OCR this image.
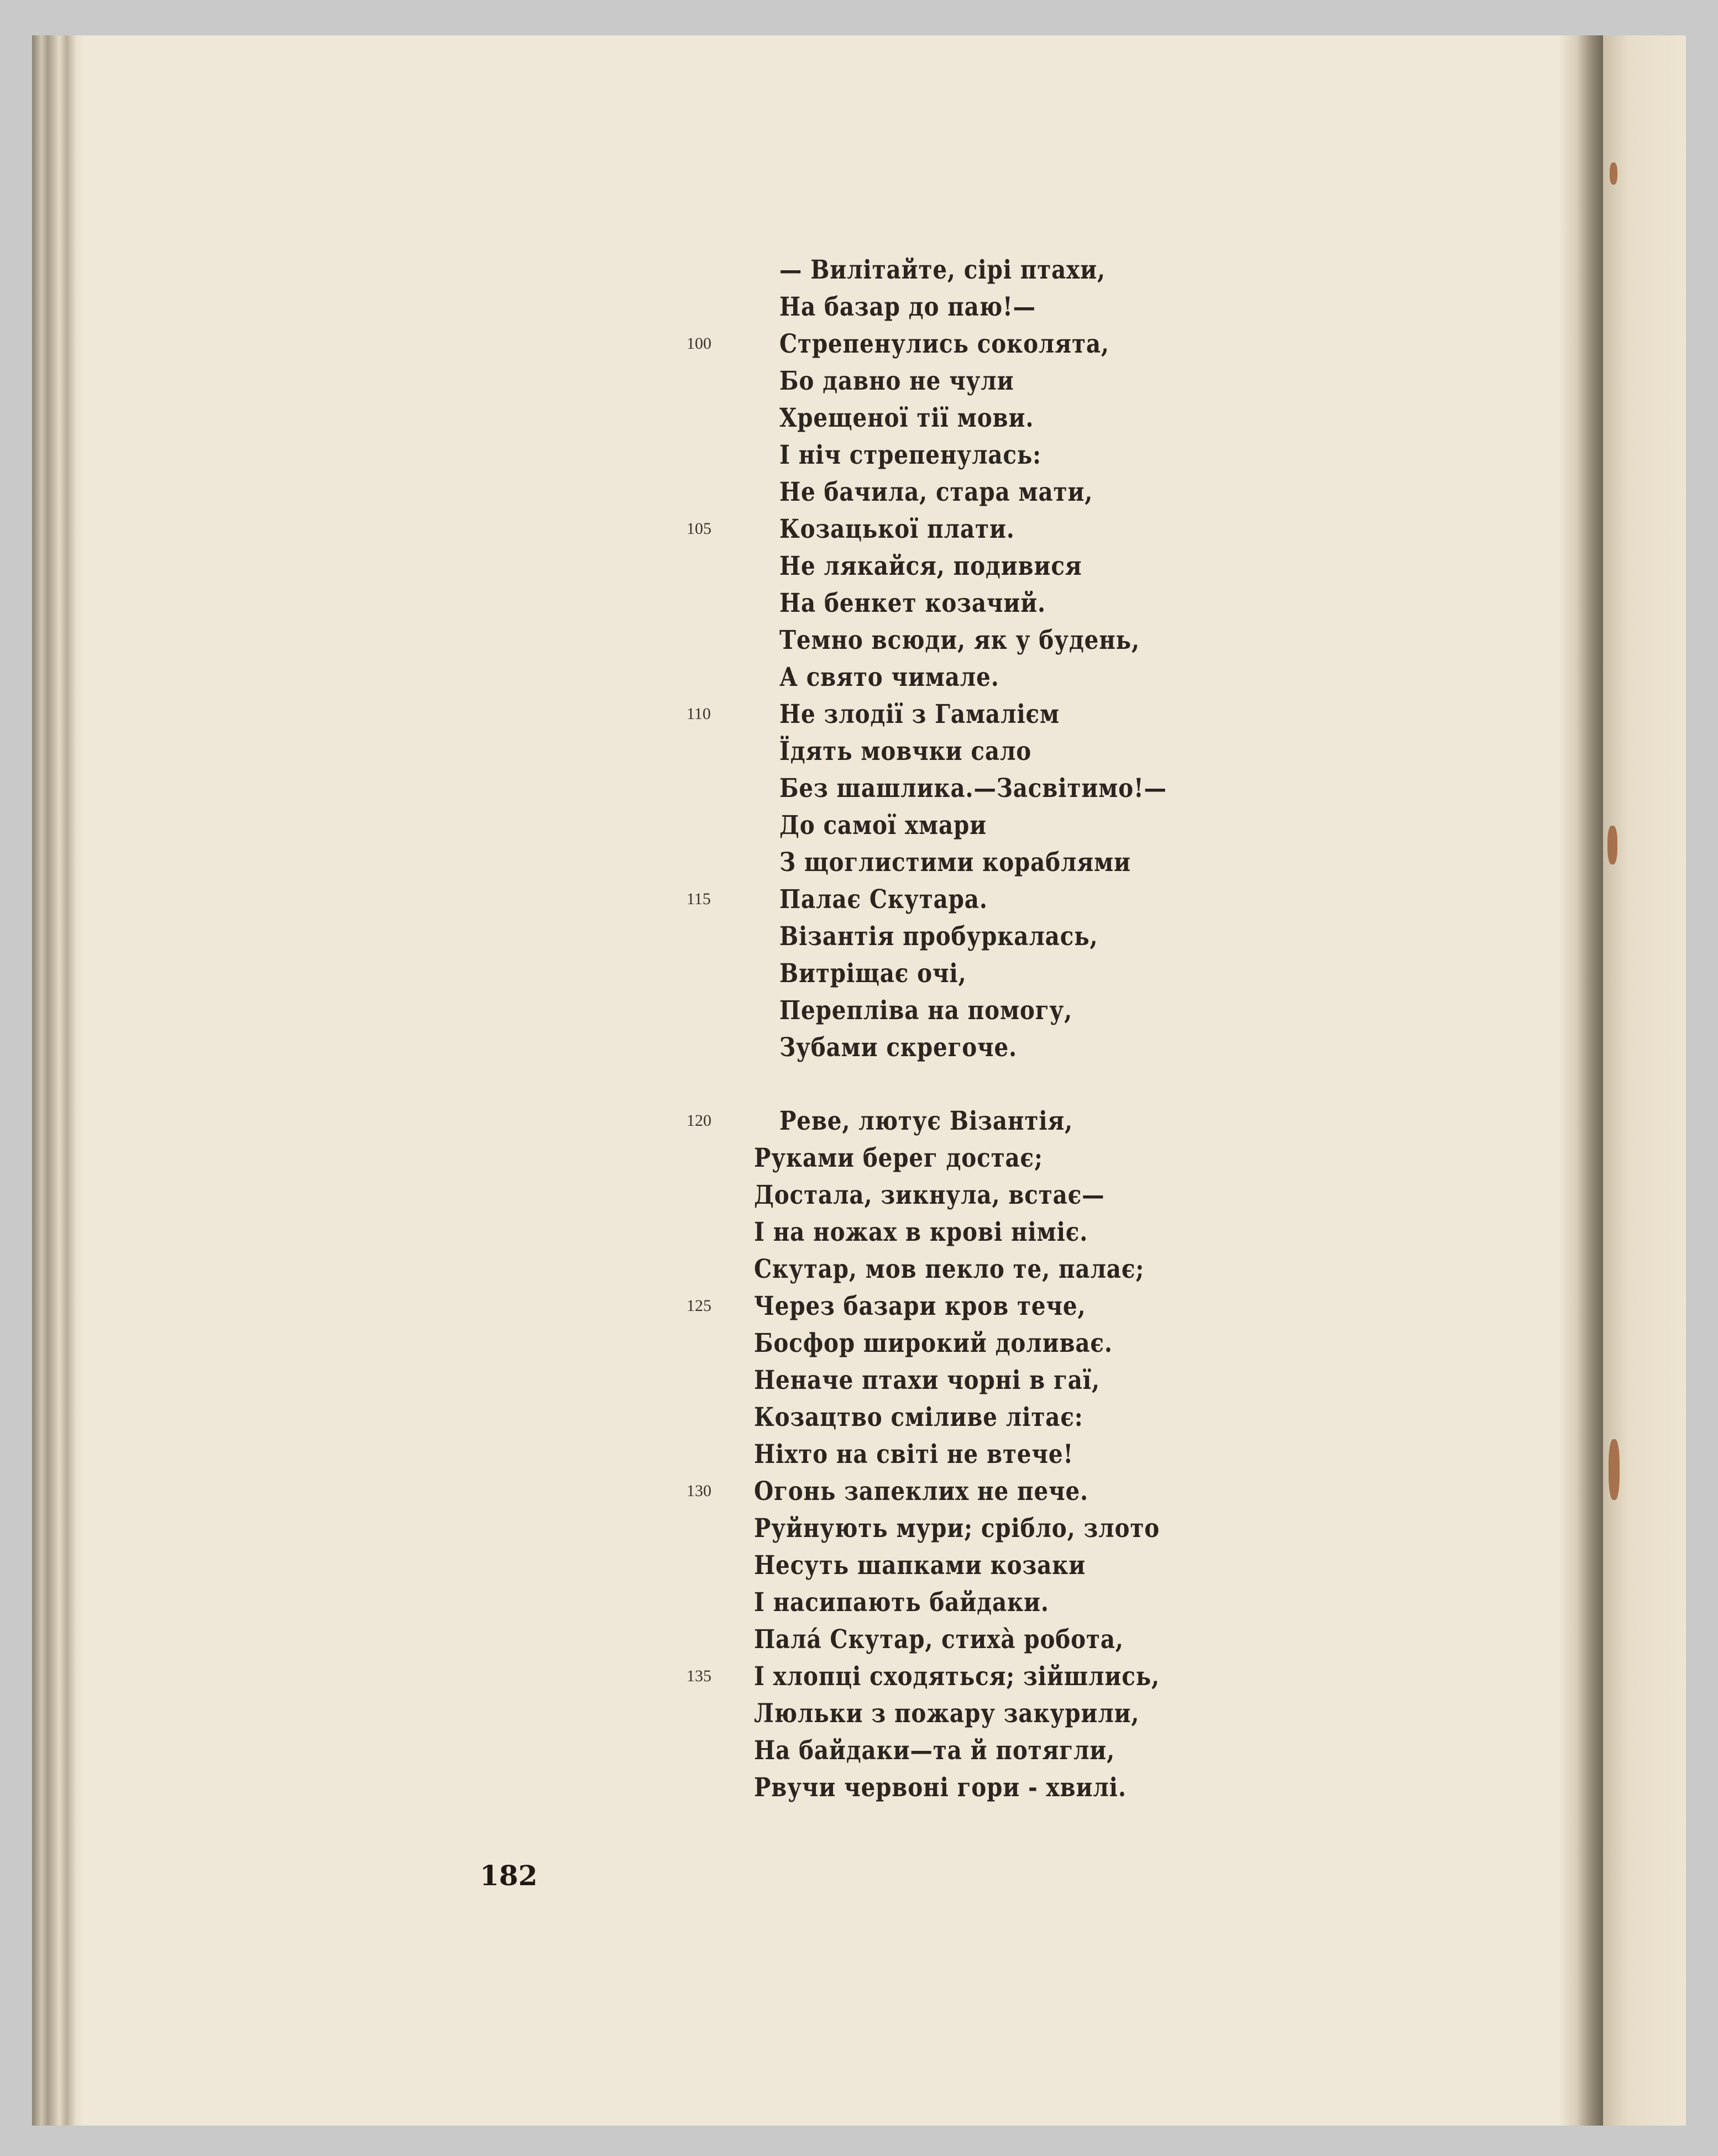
— Вилітайте, сірі птахи,
На базар до паю!—
Стрепенулись соколята,
Бо давно не чули
Хрещеної тії мови.
І ніч стрепенулась:
Не бачила, стара мати,
Козацької плати.
Не лякайся, подивися
На бенкет козачий.
Темно всюди, як у будень,
А свято чимале.
Не злодії з Гамалієм
Їдять мовчки сало
Без шашлика.—Засвітимо!—
До самої хмари
З щоглистими кораблями
Палає Скутара.
Візантія пробуркалась,
Витріщає очі,
Перепліва на помогу,
Зубами скрегоче.
Реве, лютує Візантія,
Руками берег достає;
Достала, зикнула, встає—
І на ножах в крові німіє.
Скутар, мов пекло те, палає;
Через базари кров тече,
Босфор широкий доливає.
Неначе птахи чорні в гаї,
Козацтво сміливе літає:
Ніхто на світі не втече!
Огонь запеклих не пече.
Руйнують мури; срібло, злото
Несуть шапками козаки
І насипають байдаки.
Пала́ Скутар, стиха̀ робота,
І хлопці сходяться; зійшлись,
Люльки з пожару закурили,
На байдаки—та й потягли,
Рвучи червоні гори - хвилі.
100
105
110
115
120
125
130
135
182
